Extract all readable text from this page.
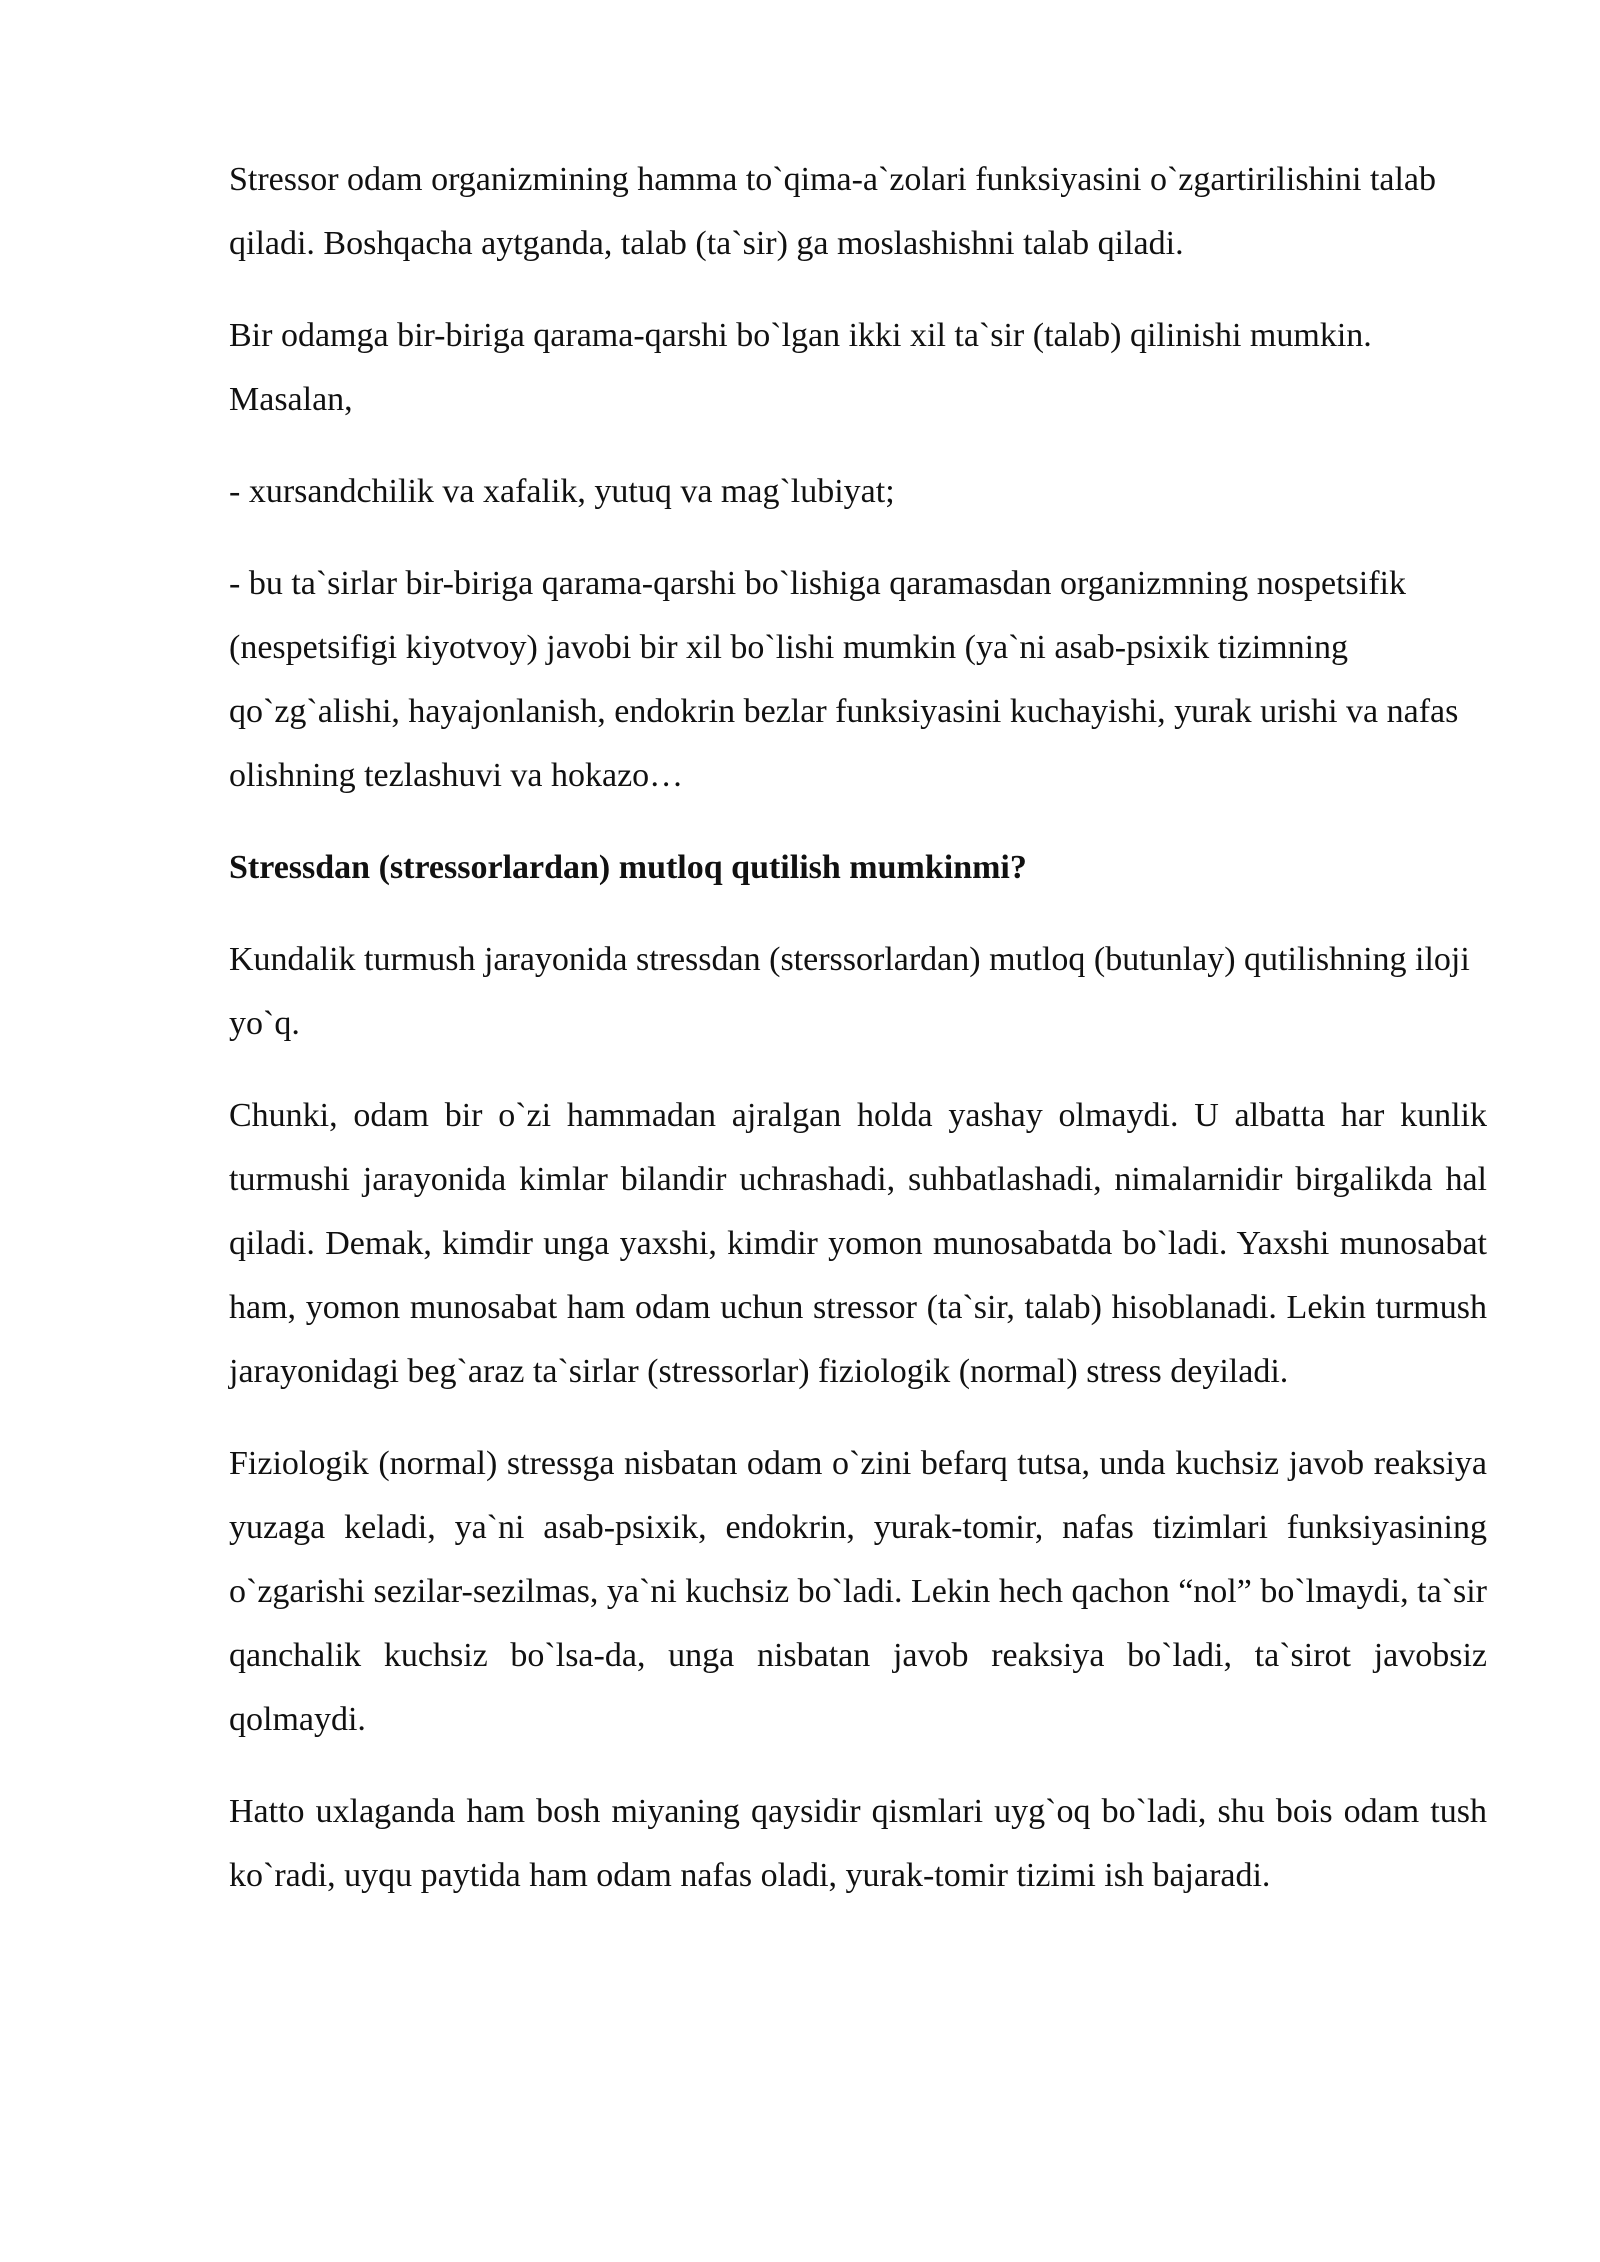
Stressor odam organizmining hamma to`qima-a`zolari funksiyasini o`zgartirilishini talab qiladi. Boshqacha aytganda, talab (ta`sir) ga moslashishni talab qiladi.

Bir odamga bir-biriga qarama-qarshi bo`lgan ikki xil ta`sir (talab) qilinishi mumkin. Masalan,

- xursandchilik va xafalik, yutuq va mag`lubiyat;

- bu ta`sirlar bir-biriga qarama-qarshi bo`lishiga qaramasdan organizmning nospetsifik (nespetsifigi kiyotvoy) javobi bir xil bo`lishi mumkin (ya`ni asab-psixik tizimning qo`zg`alishi, hayajonlanish, endokrin bezlar funksiyasini kuchayishi, yurak urishi va nafas olishning tezlashuvi va hokazo…

Stressdan (stressorlardan) mutloq qutilish mumkinmi?

Kundalik turmush jarayonida stressdan (sterssorlardan) mutloq (butunlay) qutilishning iloji yo`q.

Chunki, odam bir o`zi hammadan ajralgan holda yashay olmaydi. U albatta har kunlik turmushi jarayonida kimlar bilandir uchrashadi, suhbatlashadi, nimalarnidir birgalikda hal qiladi. Demak, kimdir unga yaxshi, kimdir yomon munosabatda bo`ladi. Yaxshi munosabat ham, yomon munosabat ham odam uchun stressor (ta`sir, talab) hisoblanadi. Lekin turmush jarayonidagi beg`araz ta`sirlar (stressorlar) fiziologik (normal) stress deyiladi.

Fiziologik (normal) stressga nisbatan odam o`zini befarq tutsa, unda kuchsiz javob reaksiya yuzaga keladi, ya`ni asab-psixik, endokrin, yurak-tomir, nafas tizimlari funksiyasining o`zgarishi sezilar-sezilmas, ya`ni kuchsiz bo`ladi. Lekin hech qachon “nol” bo`lmaydi, ta`sir qanchalik kuchsiz bo`lsa-da, unga nisbatan javob reaksiya bo`ladi, ta`sirot javobsiz qolmaydi.

Hatto uxlaganda ham bosh miyaning qaysidir qismlari uyg`oq bo`ladi, shu bois odam tush ko`radi, uyqu paytida ham odam nafas oladi, yurak-tomir tizimi ish bajaradi.
